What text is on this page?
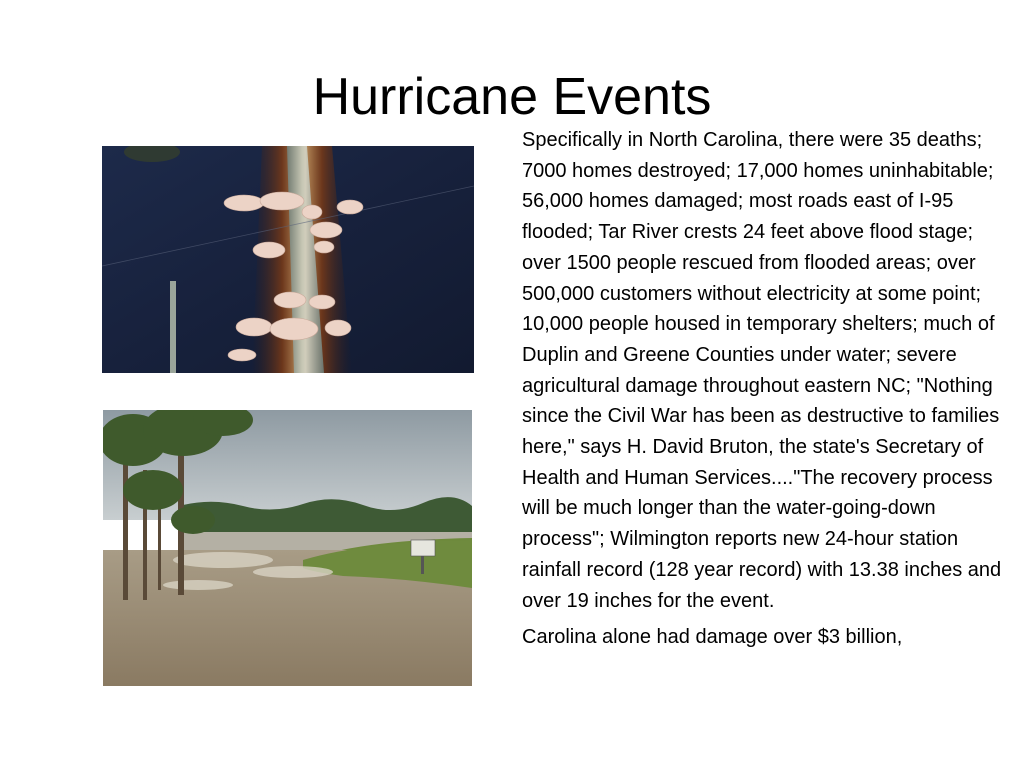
Hurricane Events

Specifically in North Carolina, there were 35 deaths; 7000 homes destroyed; 17,000 homes uninhabitable; 56,000 homes damaged; most roads east of I-95 flooded; Tar River crests 24 feet above flood stage; over 1500 people rescued from flooded areas; over 500,000 customers without electricity at some point; 10,000 people housed in temporary shelters; much of Duplin and Greene Counties under water; severe agricultural damage throughout eastern NC; "Nothing since the Civil War has been as destructive to families here," says H. David Bruton, the state's Secretary of Health and Human Services...."The recovery process will be much longer than the water-going-down process"; Wilmington reports new 24-hour station rainfall record (128 year record) with 13.38 inches and over 19 inches for the event.

Carolina alone had damage over $3 billion,
